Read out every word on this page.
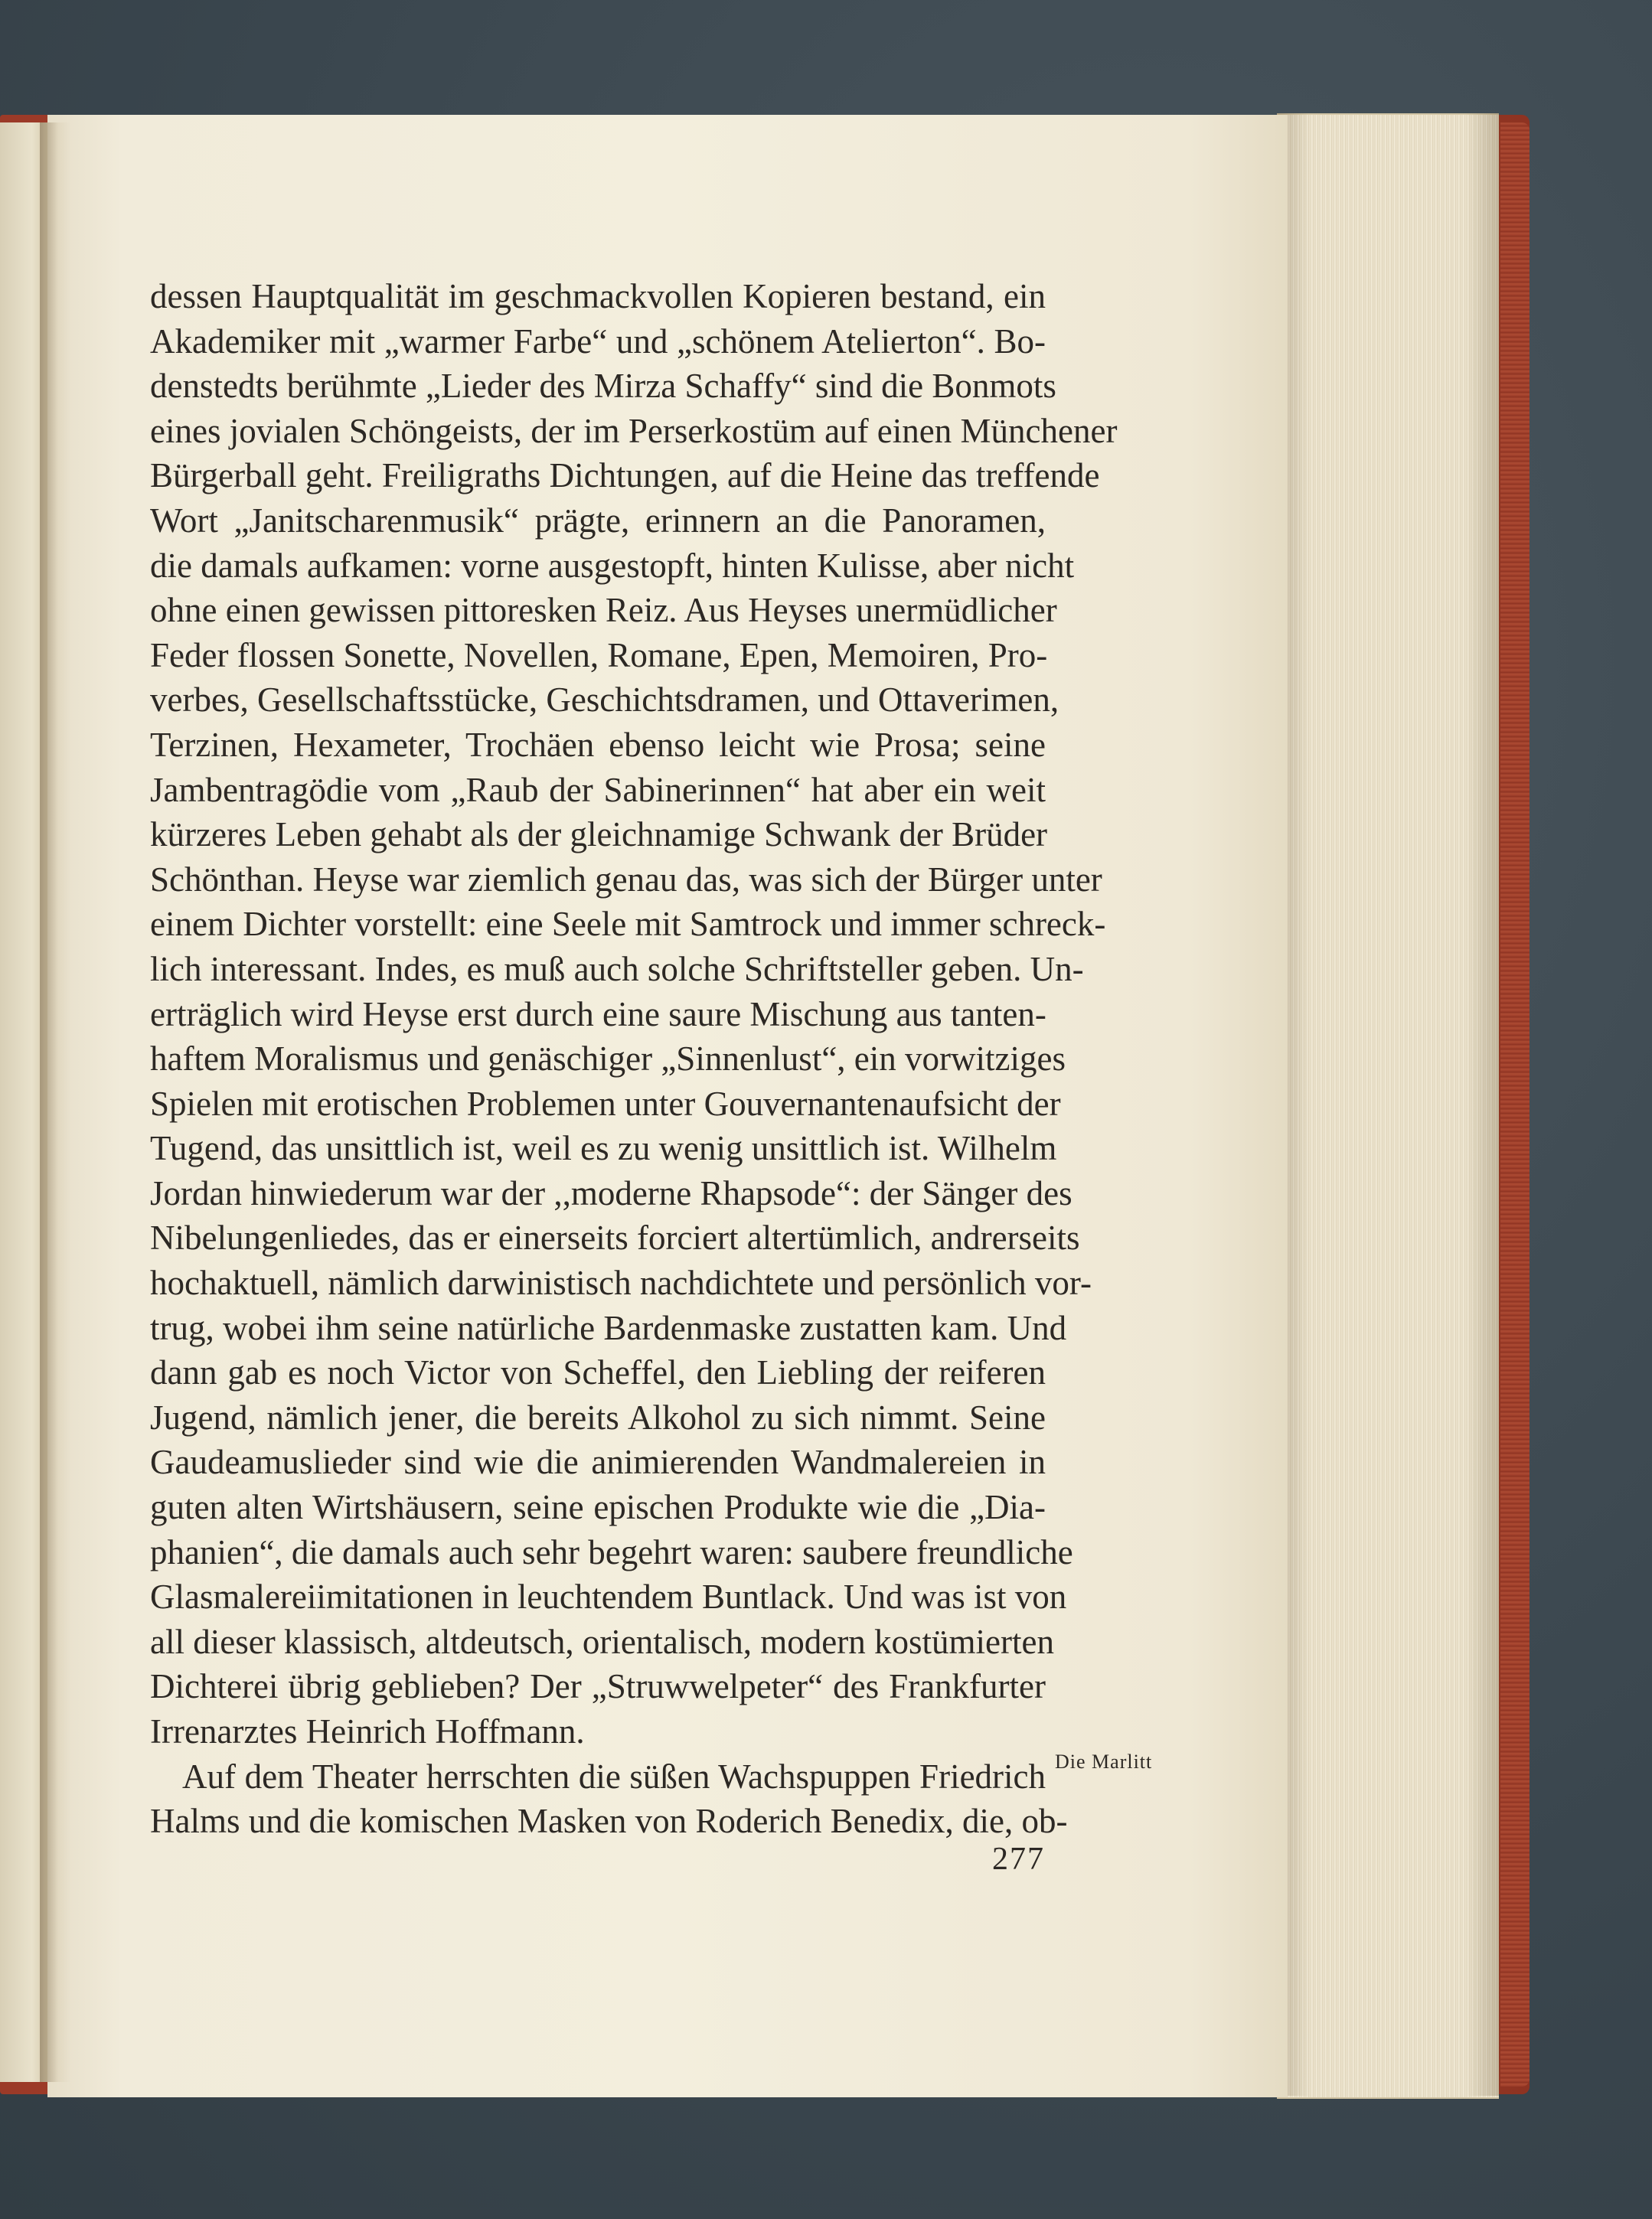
dessen Hauptqualität im geschmackvollen Kopieren bestand, ein
Akademiker mit „warmer Farbe“ und „schönem Atelierton“. Bo-
denstedts berühmte „Lieder des Mirza Schaffy“ sind die Bonmots
eines jovialen Schöngeists, der im Perserkostüm auf einen Münchener
Bürgerball geht. Freiligraths Dichtungen, auf die Heine das treffende
Wort „Janitscharenmusik“ prägte, erinnern an die Panoramen,
die damals aufkamen: vorne ausgestopft, hinten Kulisse, aber nicht
ohne einen gewissen pittoresken Reiz. Aus Heyses unermüdlicher
Feder flossen Sonette, Novellen, Romane, Epen, Memoiren, Pro-
verbes, Gesellschaftsstücke, Geschichtsdramen, und Ottaverimen,
Terzinen, Hexameter, Trochäen ebenso leicht wie Prosa; seine
Jambentragödie vom „Raub der Sabinerinnen“ hat aber ein weit
kürzeres Leben gehabt als der gleichnamige Schwank der Brüder
Schönthan. Heyse war ziemlich genau das, was sich der Bürger unter
einem Dichter vorstellt: eine Seele mit Samtrock und immer schreck-
lich interessant. Indes, es muß auch solche Schriftsteller geben. Un-
erträglich wird Heyse erst durch eine saure Mischung aus tanten-
haftem Moralismus und genäschiger „Sinnenlust“, ein vorwitziges
Spielen mit erotischen Problemen unter Gouvernantenaufsicht der
Tugend, das unsittlich ist, weil es zu wenig unsittlich ist. Wilhelm
Jordan hinwiederum war der ,,moderne Rhapsode“: der Sänger des
Nibelungenliedes, das er einerseits forciert altertümlich, andrerseits
hochaktuell, nämlich darwinistisch nachdichtete und persönlich vor-
trug, wobei ihm seine natürliche Bardenmaske zustatten kam. Und
dann gab es noch Victor von Scheffel, den Liebling der reiferen
Jugend, nämlich jener, die bereits Alkohol zu sich nimmt. Seine
Gaudeamuslieder sind wie die animierenden Wandmalereien in
guten alten Wirtshäusern, seine epischen Produkte wie die „Dia-
phanien“, die damals auch sehr begehrt waren: saubere freundliche
Glasmalereiimitationen in leuchtendem Buntlack. Und was ist von
all dieser klassisch, altdeutsch, orientalisch, modern kostümierten
Dichterei übrig geblieben? Der „Struwwelpeter“ des Frankfurter
Irrenarztes Heinrich Hoffmann.
Auf dem Theater herrschten die süßen Wachspuppen Friedrich
Halms und die komischen Masken von Roderich Benedix, die, ob-
Die Marlitt
277
